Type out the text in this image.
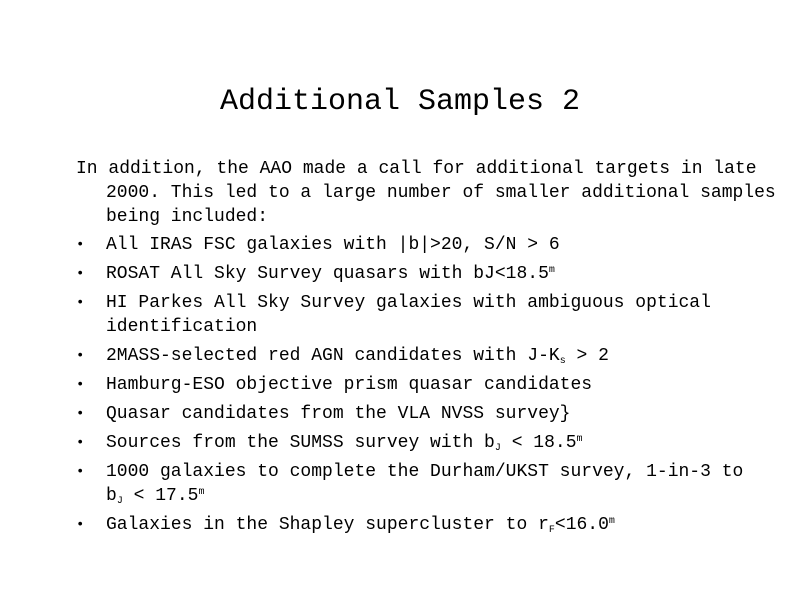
Additional Samples 2

In addition, the AAO made a call for additional targets in late 2000. This led to a large number of smaller additional samples being included:

• All IRAS FSC galaxies with |b|>20, S/N > 6
• ROSAT All Sky Survey quasars with $bJ<18.5^m$
• HI Parkes All Sky Survey galaxies with ambiguous optical identification
• 2MASS-selected red AGN candidates with $J-K_s > 2$
• Hamburg-ESO objective prism quasar candidates
• Quasar candidates from the VLA NVSS survey}
• Sources from the SUMSS survey with $b_J < 18.5^m$
• 1000 galaxies to complete the Durham/UKST survey, 1-in-3 to $b_J < 17.5^m$
• Galaxies in the Shapley supercluster to $r_F<16.0^m$
